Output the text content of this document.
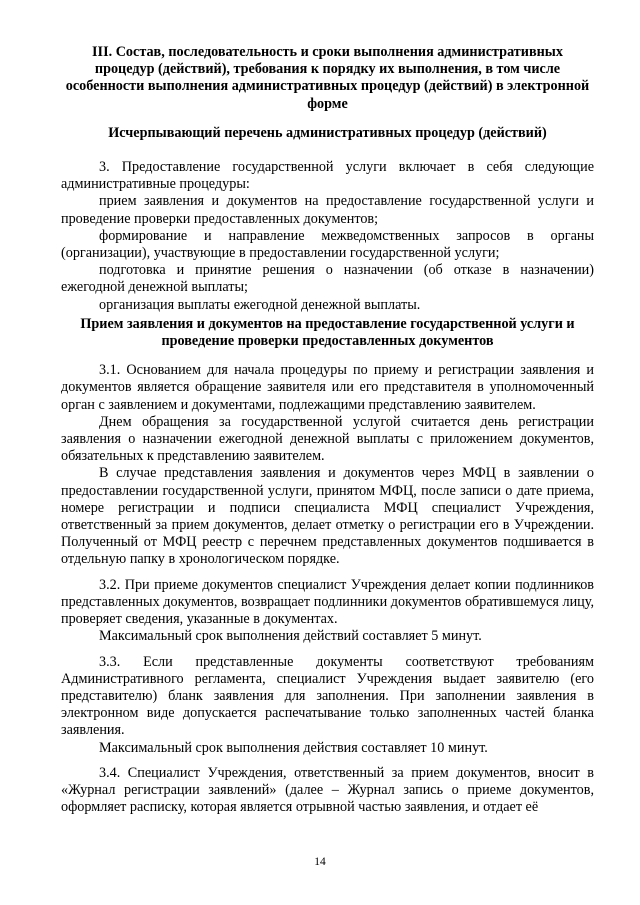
III. Состав, последовательность и сроки выполнения административных процедур (действий), требования к порядку их выполнения, в том числе особенности выполнения административных процедур (действий) в электронной форме
Исчерпывающий перечень административных процедур (действий)

3. Предоставление государственной услуги включает в себя следующие административные процедуры:

прием заявления и документов на предоставление государственной услуги и проведение проверки предоставленных документов;

формирование и направление межведомственных запросов в органы (организации), участвующие в предоставлении государственной услуги;

подготовка и принятие решения о назначении (об отказе в назначении) ежегодной денежной выплаты;

организация выплаты ежегодной денежной выплаты.

Прием заявления и документов на предоставление государственной услуги и проведение проверки предоставленных документов

3.1. Основанием для начала процедуры по приему и регистрации заявления и документов является обращение заявителя или его представителя в уполномоченный орган с заявлением и документами, подлежащими представлению заявителем.

Днем обращения за государственной услугой считается день регистрации заявления о назначении ежегодной денежной выплаты с приложением документов, обязательных к представлению заявителем.

В случае представления заявления и документов через МФЦ в заявлении о предоставлении государственной услуги, принятом МФЦ, после записи о дате приема, номере регистрации и подписи специалиста МФЦ специалист Учреждения, ответственный за прием документов, делает отметку о регистрации его в Учреждении. Полученный от МФЦ реестр с перечнем представленных документов подшивается в отдельную папку в хронологическом порядке.

3.2. При приеме документов специалист Учреждения делает копии подлинников представленных документов, возвращает подлинники документов обратившемуся лицу, проверяет сведения, указанные в документах.

Максимальный срок выполнения действий составляет 5 минут.

3.3. Если представленные документы соответствуют требованиям Административного регламента, специалист Учреждения выдает заявителю (его представителю) бланк заявления для заполнения. При заполнении заявления в электронном виде допускается распечатывание только заполненных частей бланка заявления.

Максимальный срок выполнения действия составляет 10 минут.

3.4. Специалист Учреждения, ответственный за прием документов, вносит в «Журнал регистрации заявлений» (далее – Журнал запись о приеме документов, оформляет расписку, которая является отрывной частью заявления, и отдает её

14
